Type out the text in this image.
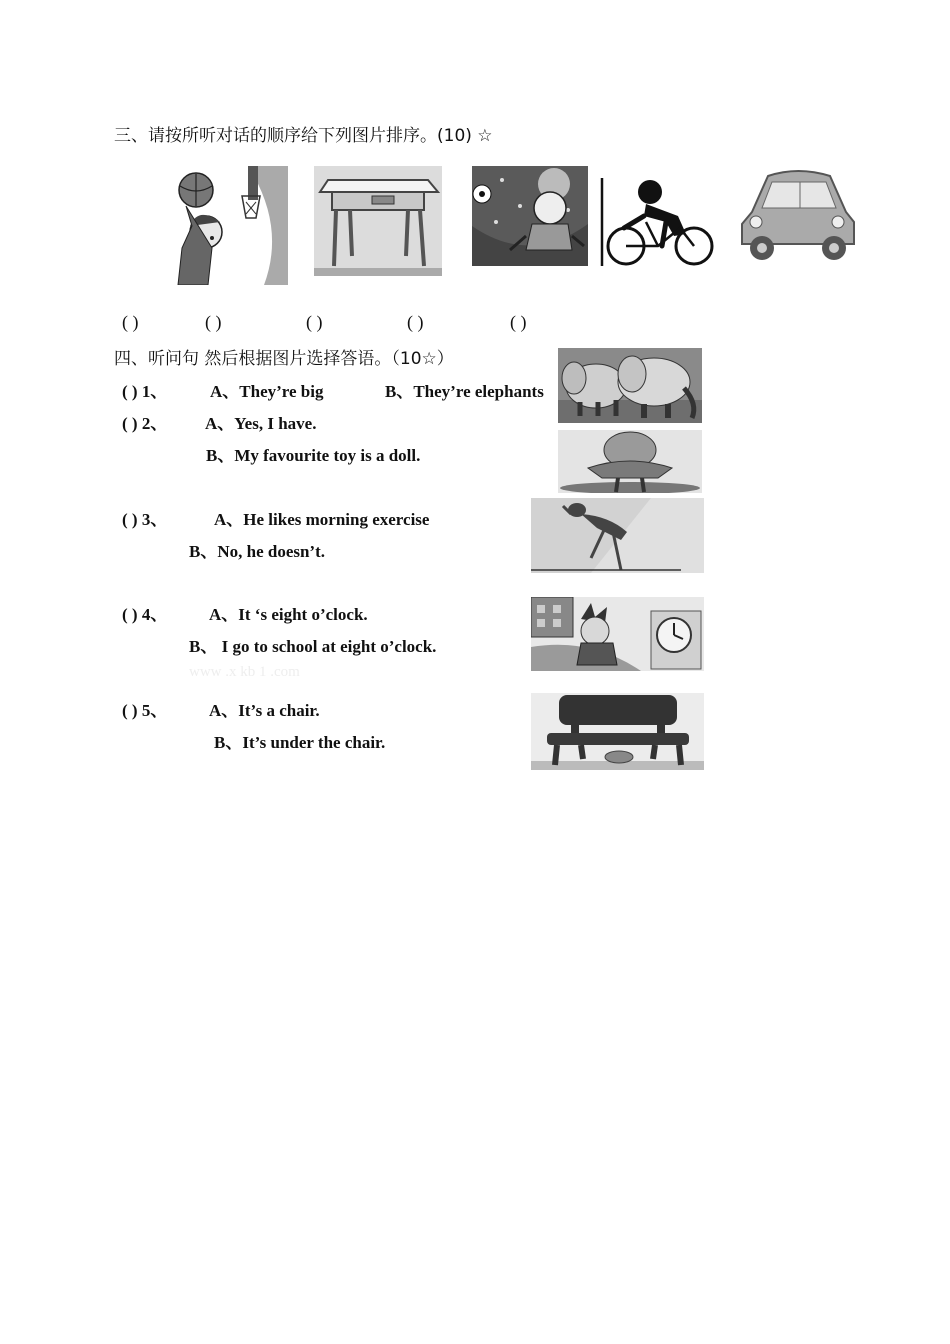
三、请按所听对话的顺序给下列图片排序。(10) ☆
( )	( )	( )	( )	( )
四、听问句 然后根据图片选择答语。（10☆）
( ) 1、	A、They’re big	B、They’re elephants
( ) 2、 A、Yes, I have.
B、My favourite toy is a doll.
( ) 3、	A、He likes morning exercise
B、No, he doesn’t.
( ) 4、 A、It ‘s eight o’clock.
B、 I go to school at eight o’clock.
www .x kb 1 .com
( ) 5、 A、It’s a chair.
B、It’s under the chair.
